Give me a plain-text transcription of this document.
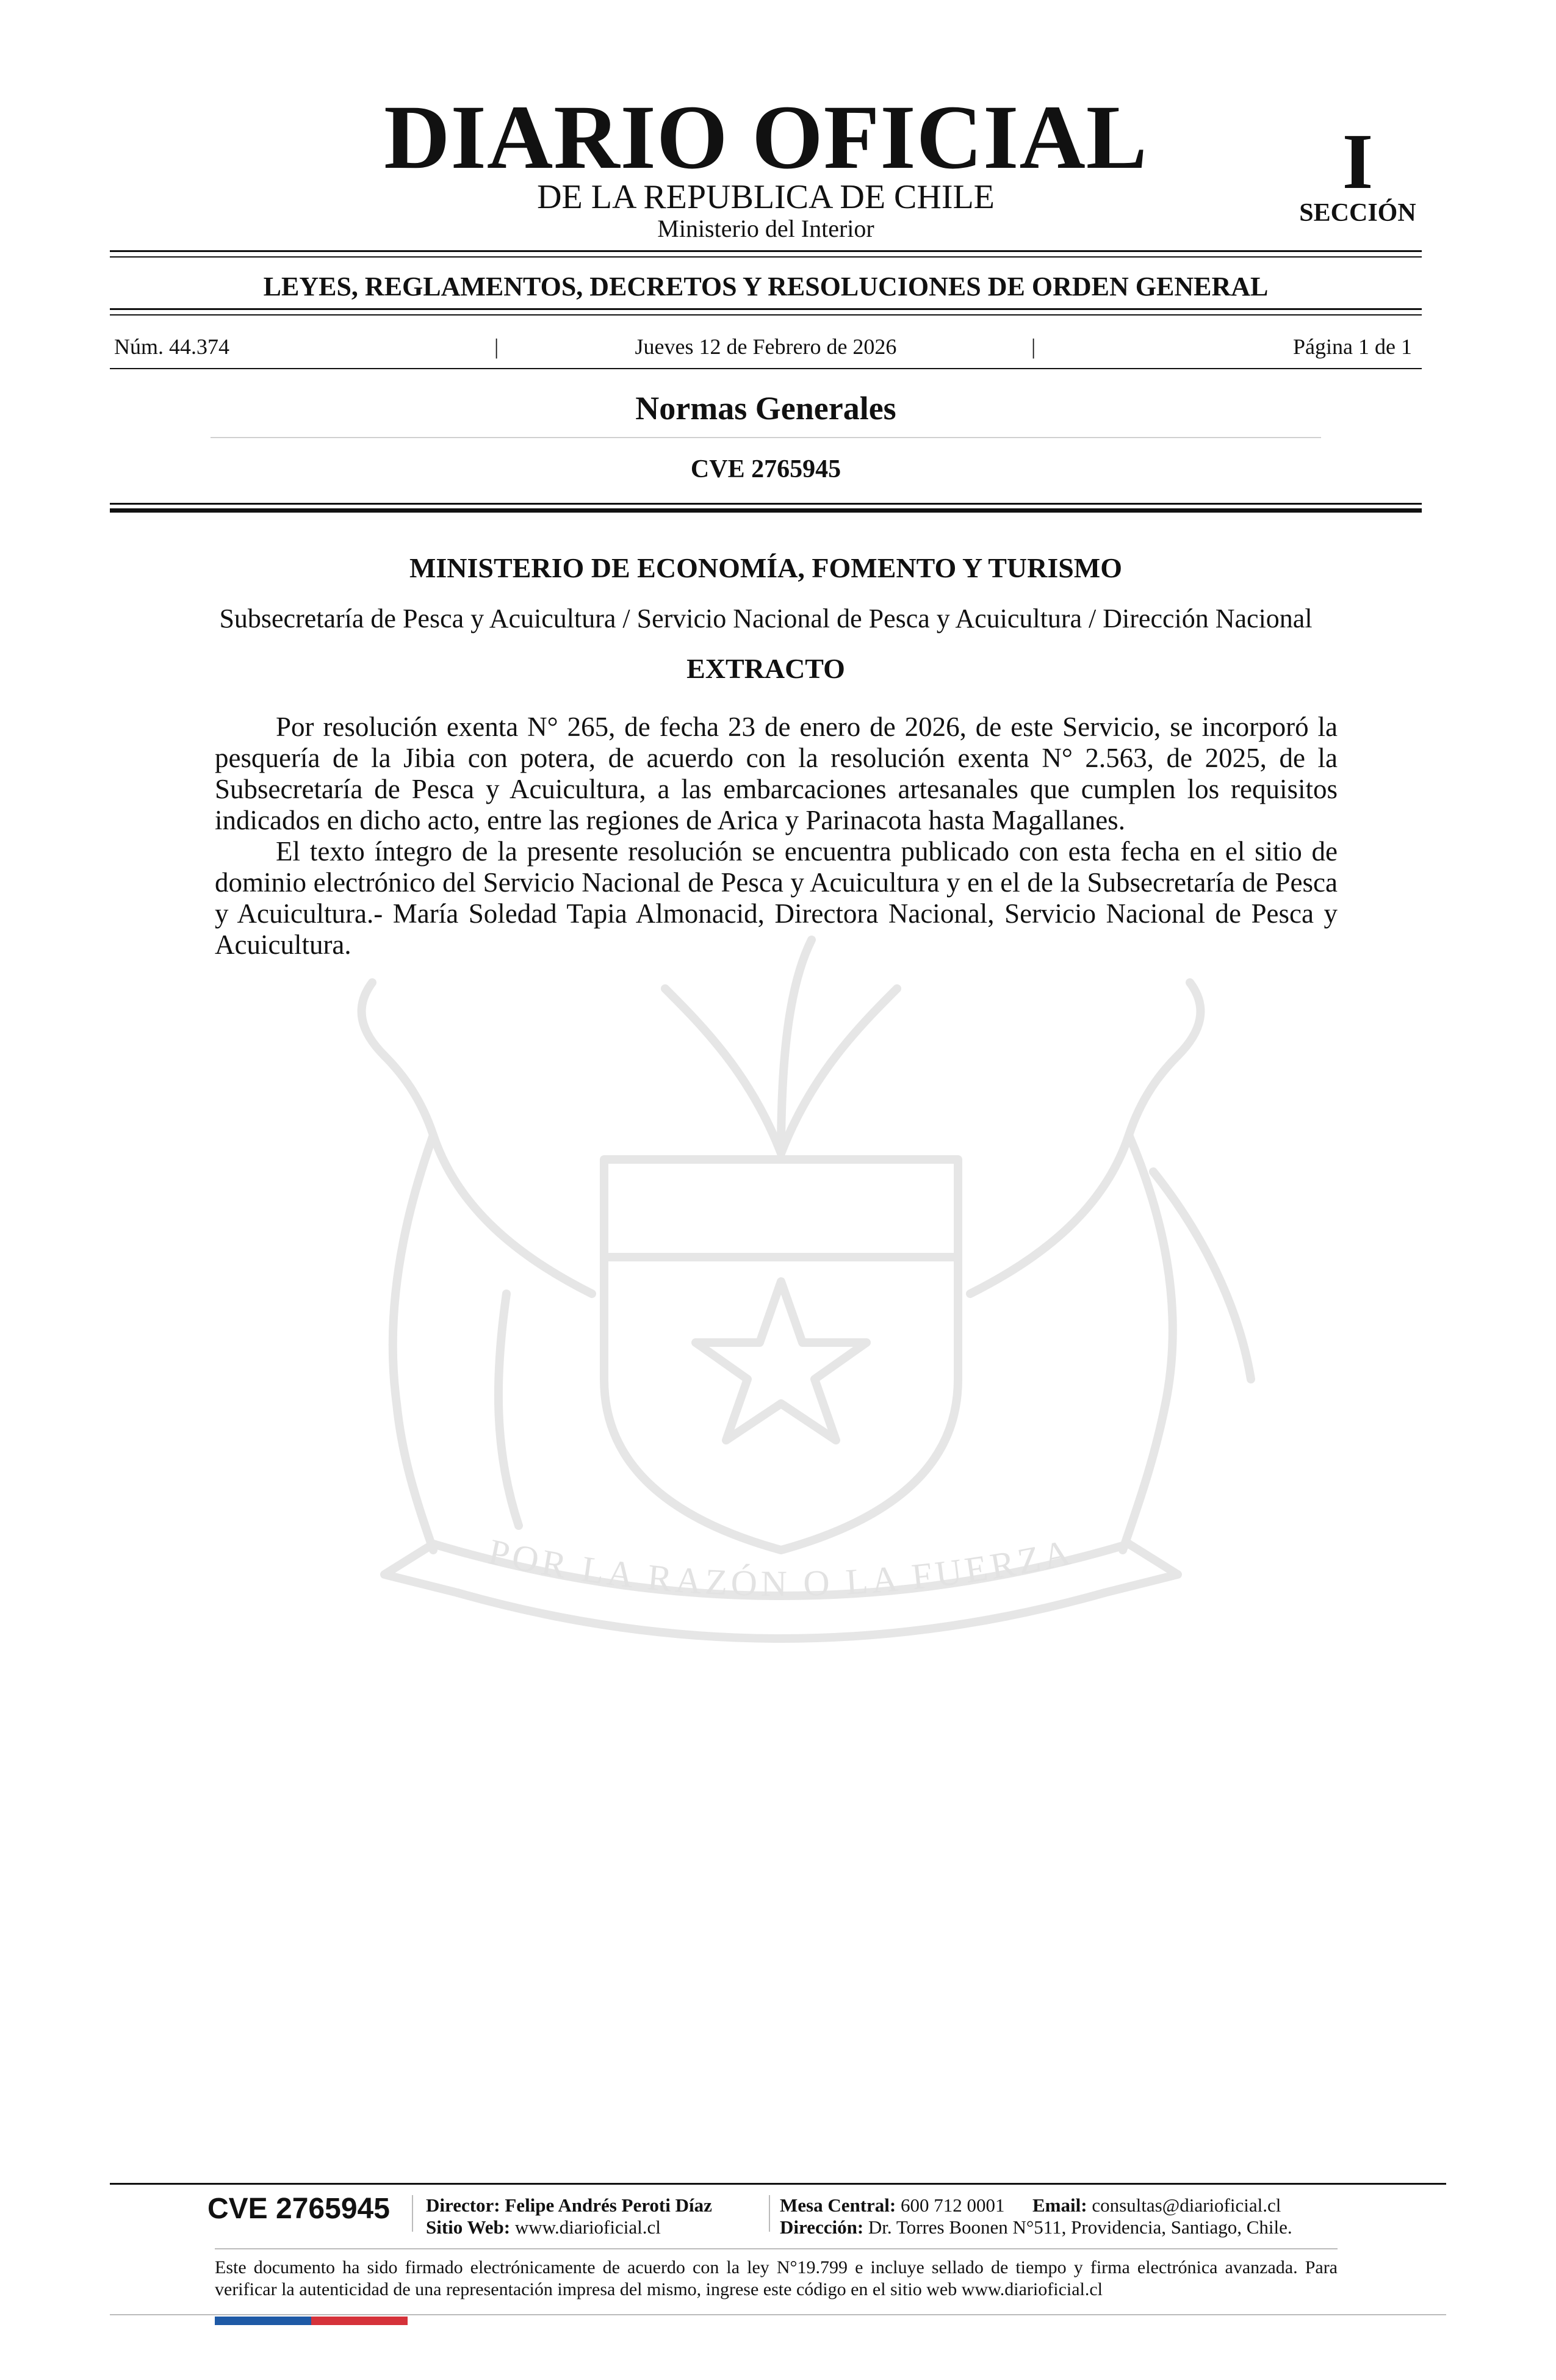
DIARIO OFICIAL
DE LA REPUBLICA DE CHILE
Ministerio del Interior
I
SECCIÓN
LEYES, REGLAMENTOS, DECRETOS Y RESOLUCIONES DE ORDEN GENERAL
Núm. 44.374	|	Jueves 12 de Febrero de 2026	|	Página 1 de 1
Normas Generales
CVE 2765945
POR LA RAZÓN O LA FUERZA
MINISTERIO DE ECONOMÍA, FOMENTO Y TURISMO
Subsecretaría de Pesca y Acuicultura / Servicio Nacional de Pesca y Acuicultura / Dirección Nacional
EXTRACTO

Por resolución exenta N° 265, de fecha 23 de enero de 2026, de este Servicio, se incorporó la pesquería de la Jibia con potera, de acuerdo con la resolución exenta N° 2.563, de 2025, de la Subsecretaría de Pesca y Acuicultura, a las embarcaciones artesanales que cumplen los requisitos indicados en dicho acto, entre las regiones de Arica y Parinacota hasta Magallanes.

El texto íntegro de la presente resolución se encuentra publicado con esta fecha en el sitio de dominio electrónico del Servicio Nacional de Pesca y Acuicultura y en el de la Subsecretaría de Pesca y Acuicultura.- María Soledad Tapia Almonacid, Directora Nacional, Servicio Nacional de Pesca y Acuicultura.

CVE 2765945	Director: Felipe Andrés Peroti Díaz
Sitio Web: www.diarioficial.cl
Mesa Central: 600 712 0001 Email: consultas@diarioficial.cl
Dirección: Dr. Torres Boonen N°511, Providencia, Santiago, Chile.
Este documento ha sido firmado electrónicamente de acuerdo con la ley N°19.799 e incluye sellado de tiempo y firma electrónica avanzada. Para verificar la autenticidad de una representación impresa del mismo, ingrese este código en el sitio web www.diarioficial.cl
